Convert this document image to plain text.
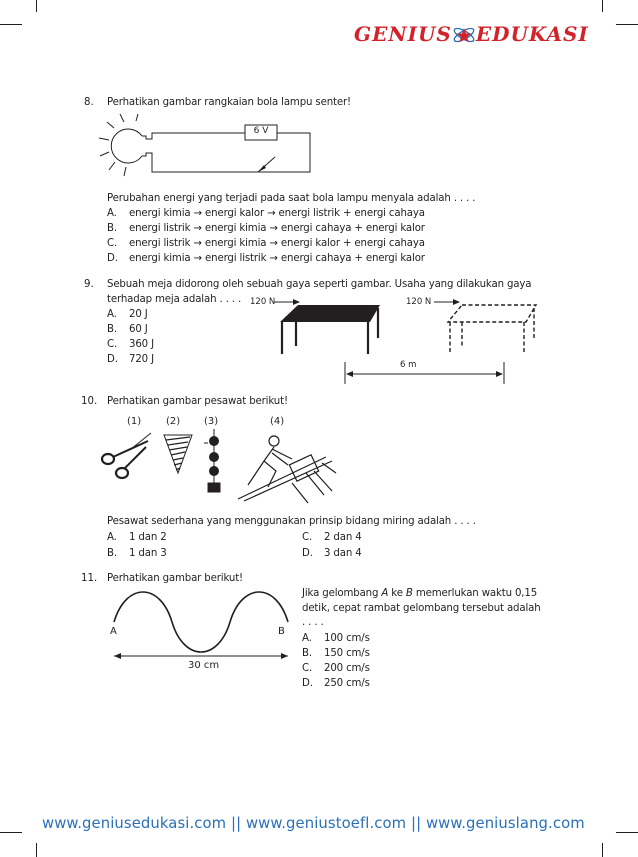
GENIUS EDUKASI
8. Perhatikan gambar rangkaian bola lampu senter!
6 V
Perubahan energi yang terjadi pada saat bola lampu menyala adalah . . . .
A. energi kimia → energi kalor → energi listrik + energi cahaya
B. energi listrik → energi kimia → energi cahaya + energi kalor
C. energi listrik → energi kimia → energi kalor + energi cahaya
D. energi kimia → energi listrik → energi cahaya + energi kalor
9. Sebuah meja didorong oleh sebuah gaya seperti gambar. Usaha yang dilakukan gaya
terhadap meja adalah . . . .
A. 20 J
B. 60 J
C. 360 J
D. 720 J
120 N	120 N
6 m
10. Perhatikan gambar pesawat berikut!
(1) (2) (3)	(4)
Pesawat sederhana yang menggunakan prinsip bidang miring adalah . . . .
A. 1 dan 2
B. 1 dan 3
C. 2 dan 4
D. 3 dan 4
11. Perhatikan gambar berikut!
A	B
30 cm
Jika gelombang A ke B memerlukan waktu 0,15
detik, cepat rambat gelombang tersebut adalah
. . . .
A. 100 cm/s
B. 150 cm/s
C. 200 cm/s
D. 250 cm/s
www.geniusedukasi.com || www.geniustoefl.com || www.geniuslang.com
